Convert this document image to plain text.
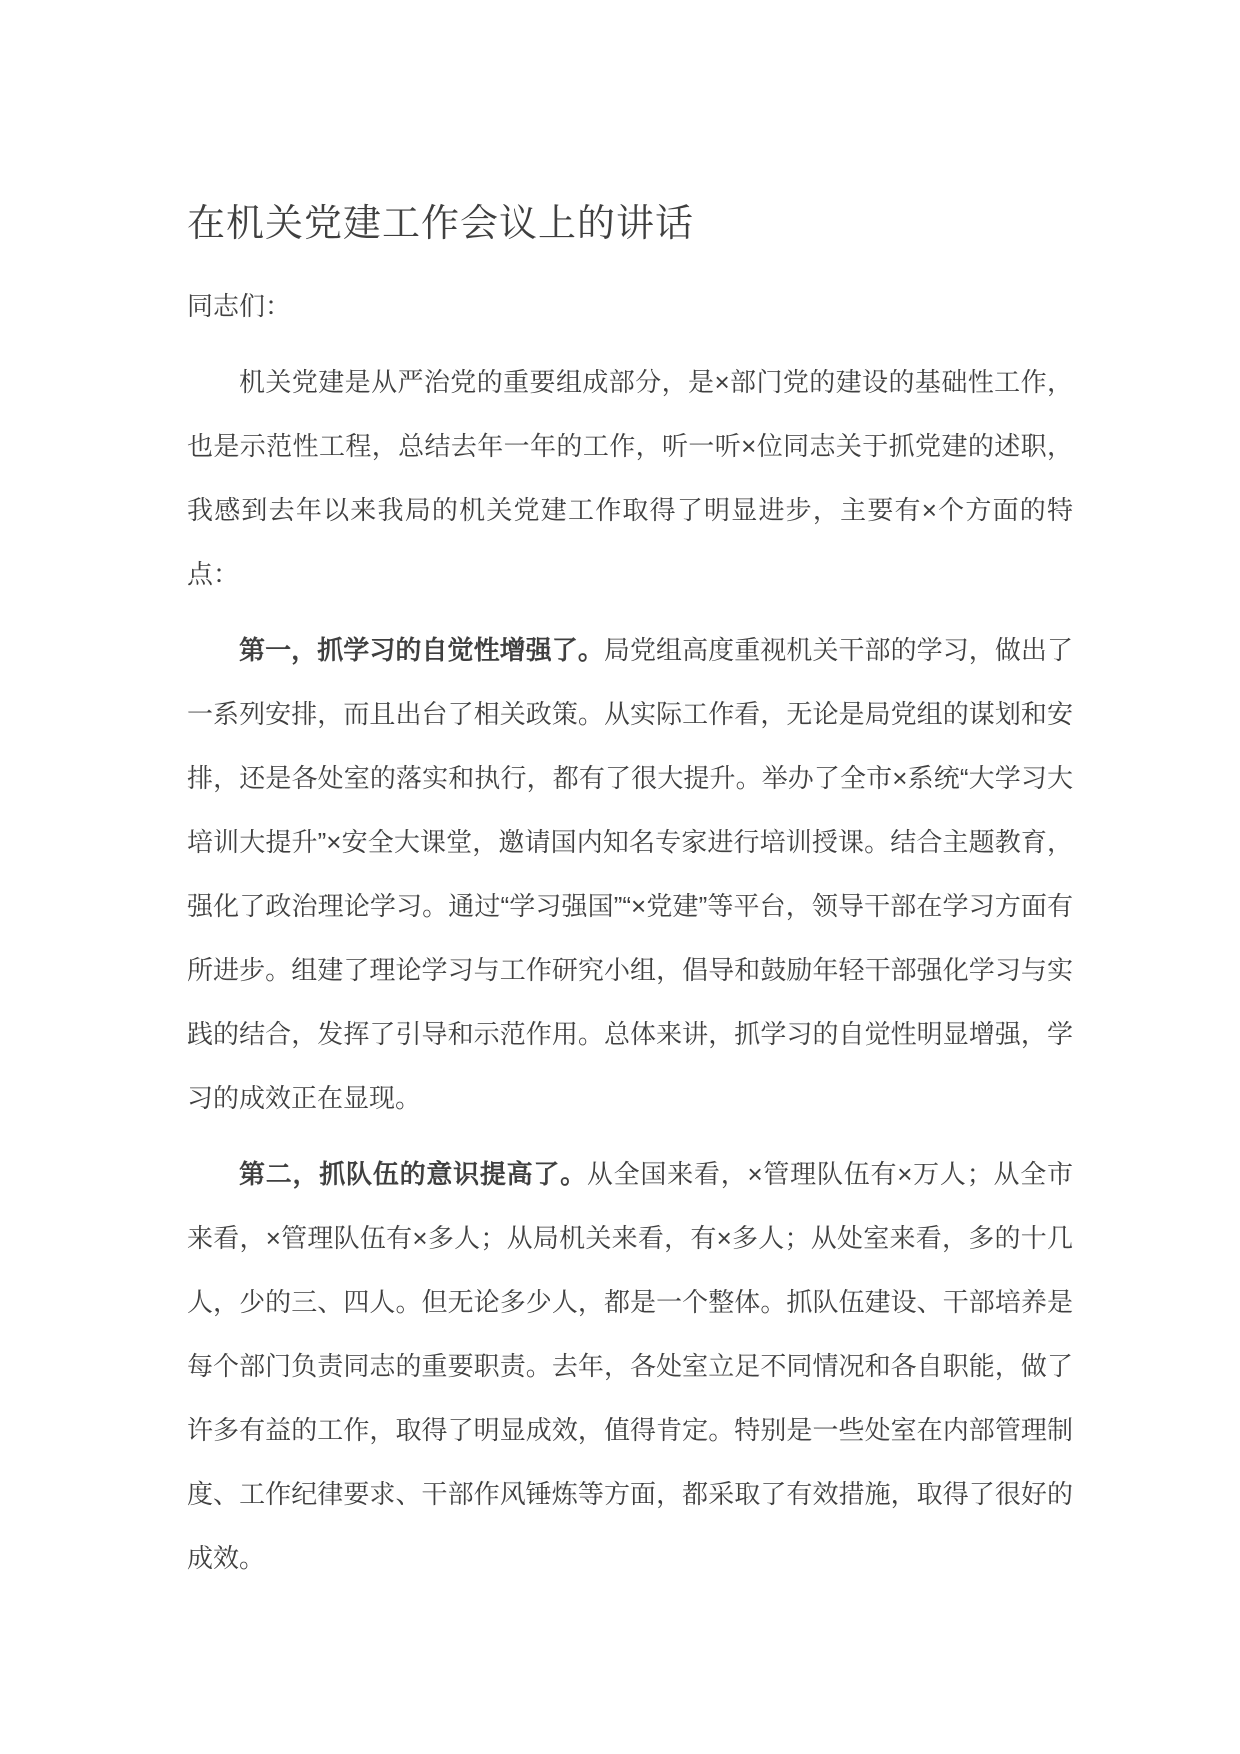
在机关党建工作会议上的讲话

同志们：

机关党建是从严治党的重要组成部分，是×部门党的建设的基础性工作，也是示范性工程，总结去年一年的工作，听一听×位同志关于抓党建的述职，我感到去年以来我局的机关党建工作取得了明显进步，主要有×个方面的特点：

第一，抓学习的自觉性增强了。局党组高度重视机关干部的学习，做出了一系列安排，而且出台了相关政策。从实际工作看，无论是局党组的谋划和安排，还是各处室的落实和执行，都有了很大提升。举办了全市×系统“大学习大培训大提升”×安全大课堂，邀请国内知名专家进行培训授课。结合主题教育，强化了政治理论学习。通过“学习强国”“×党建”等平台，领导干部在学习方面有所进步。组建了理论学习与工作研究小组，倡导和鼓励年轻干部强化学习与实践的结合，发挥了引导和示范作用。总体来讲，抓学习的自觉性明显增强，学习的成效正在显现。

第二，抓队伍的意识提高了。从全国来看，×管理队伍有×万人；从全市来看，×管理队伍有×多人；从局机关来看，有×多人；从处室来看，多的十几人，少的三、四人。但无论多少人，都是一个整体。抓队伍建设、干部培养是每个部门负责同志的重要职责。去年，各处室立足不同情况和各自职能，做了许多有益的工作，取得了明显成效，值得肯定。特别是一些处室在内部管理制度、工作纪律要求、干部作风锤炼等方面，都采取了有效措施，取得了很好的成效。
